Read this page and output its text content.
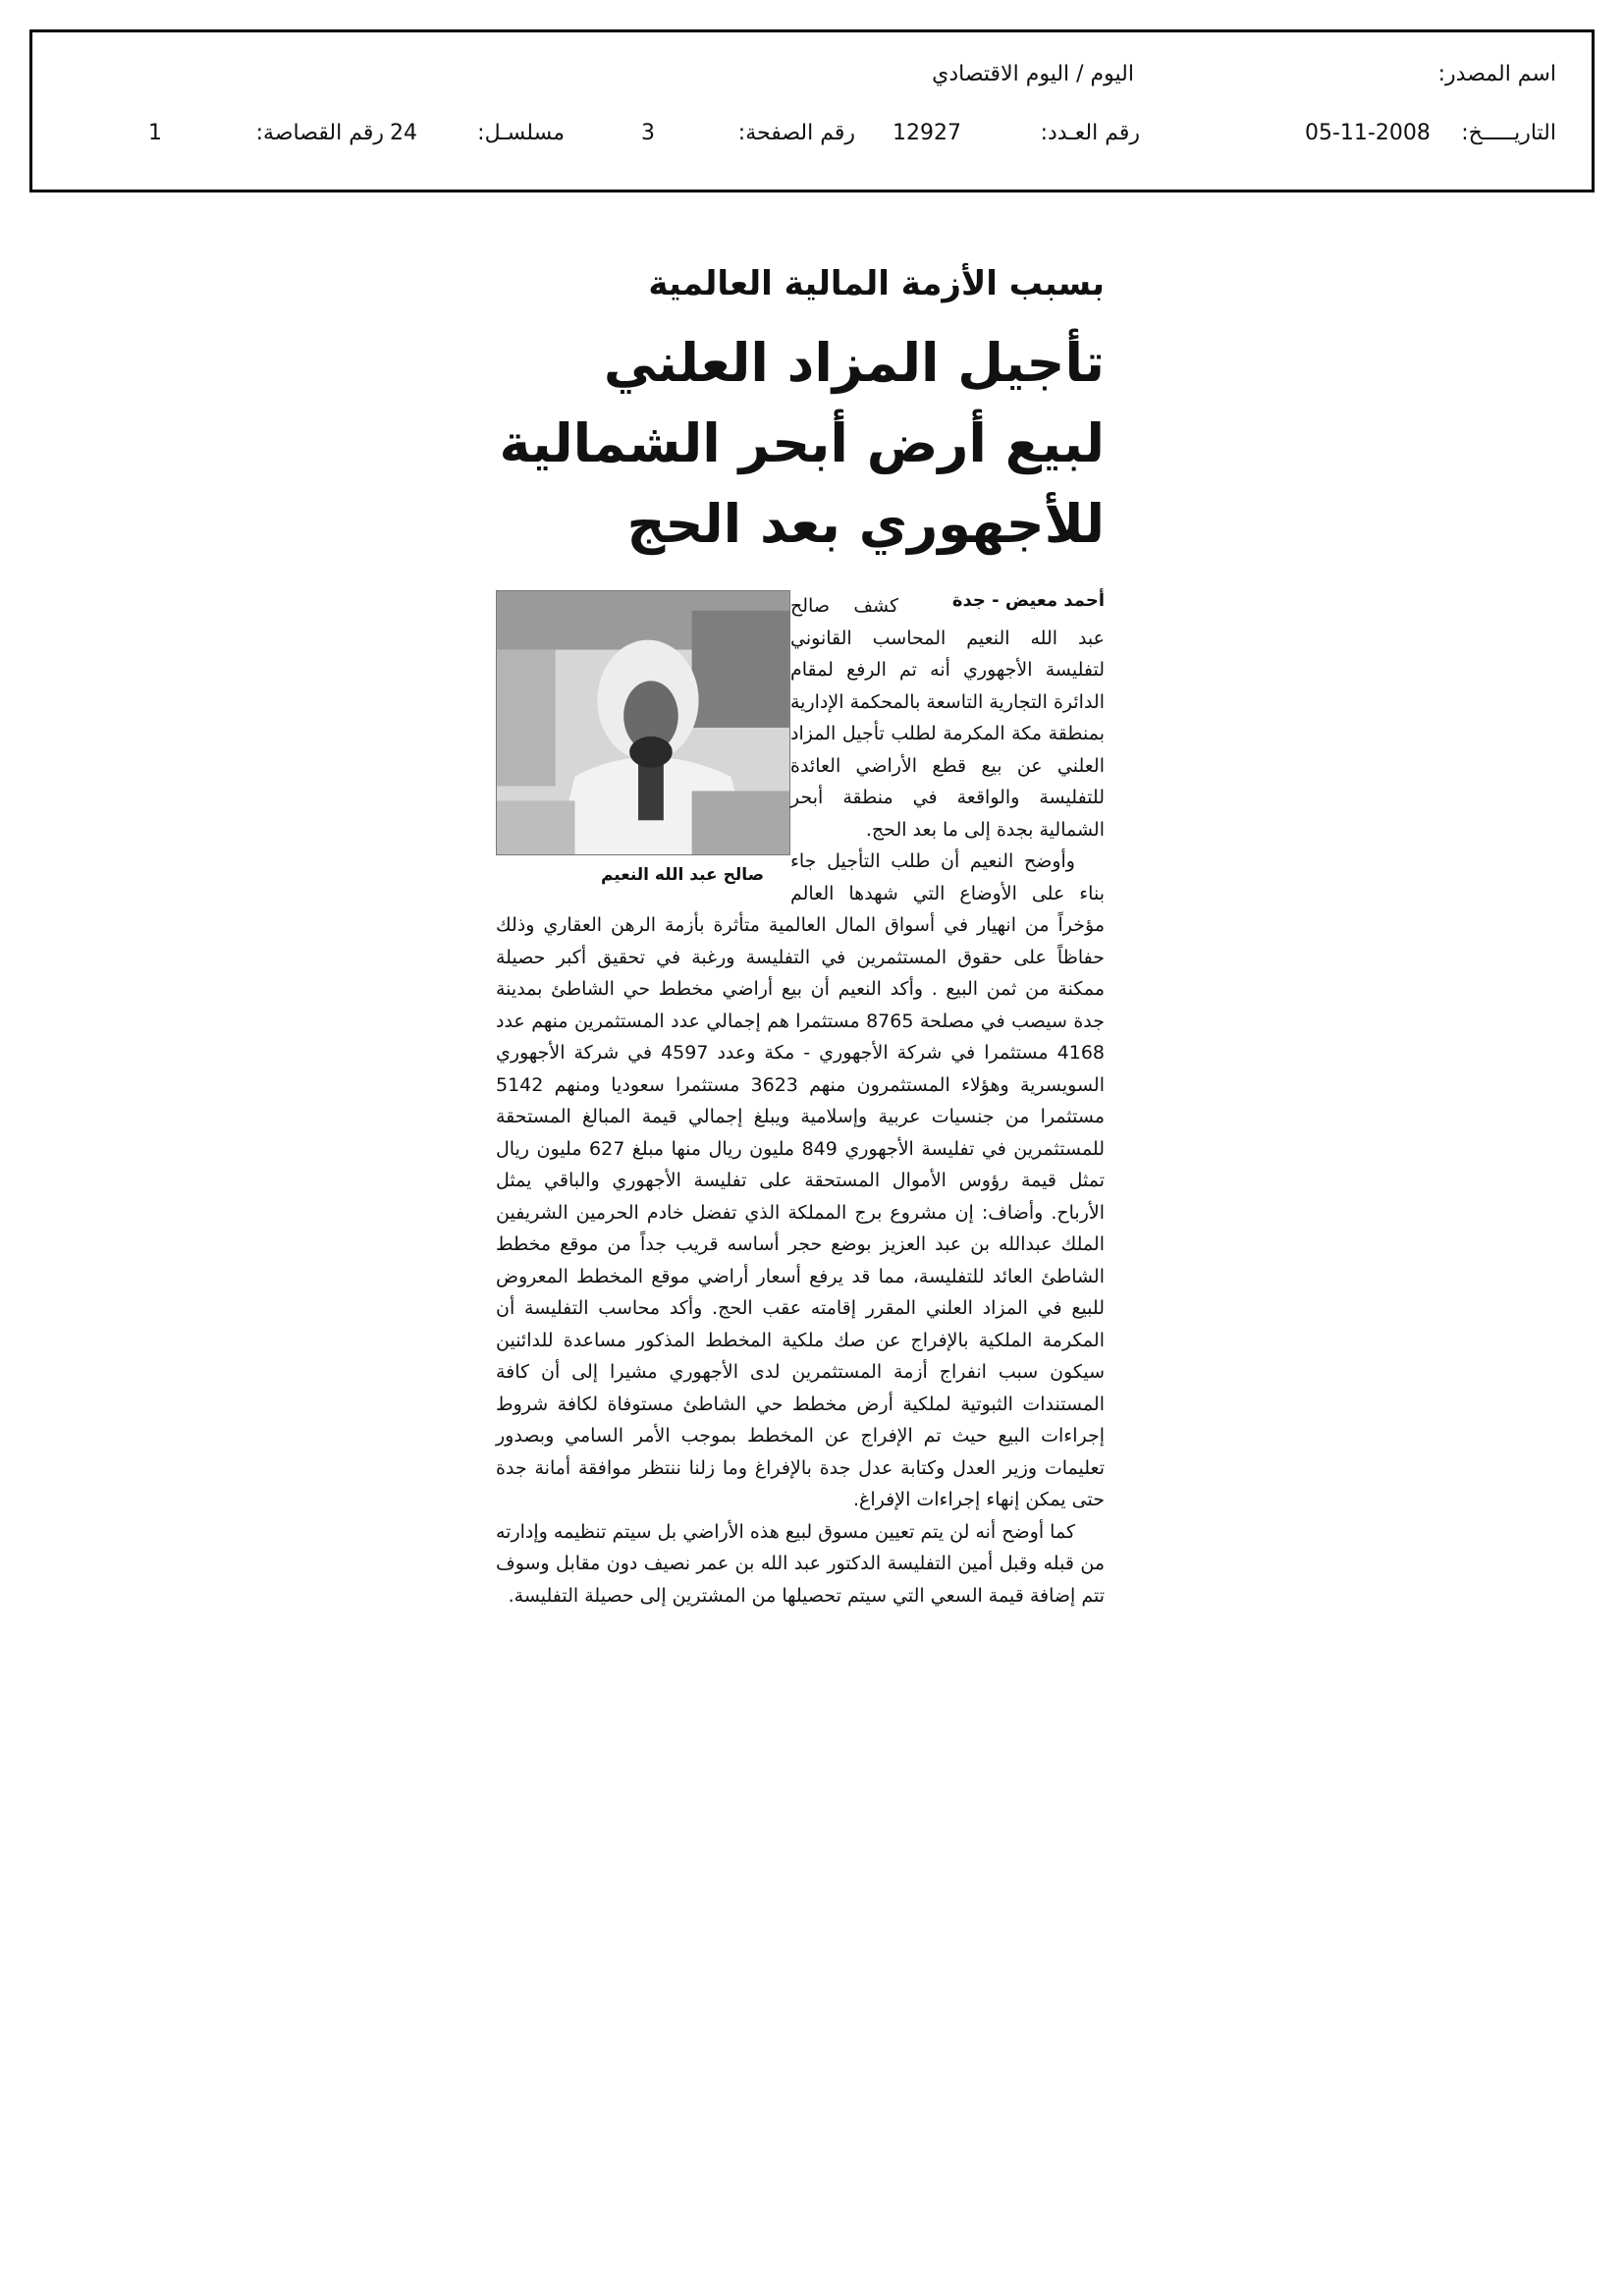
اسم المصدر:
اليوم / اليوم الاقتصادي
التاريـــــخ:
05-11-2008
رقم العـدد:
12927
رقم الصفحة:
3
مسلسـل:
24
رقم القصاصة:
1
بسبب الأزمة المالية العالمية
تأجيل المزاد العلني لبيع أرض أبحر الشمالية للأجهوري بعد الحج
صالح عبد الله النعيم
أحمد معيض - جدة

كشف صالح عبد الله النعيم المحاسب القانوني لتفليسة الأجهوري أنه تم الرفع لمقام الدائرة التجارية التاسعة بالمحكمة الإدارية بمنطقة مكة المكرمة لطلب تأجيل المزاد العلني عن بيع قطع الأراضي العائدة للتفليسة والواقعة في منطقة أبحر الشمالية بجدة إلى ما بعد الحج.

وأوضح النعيم أن طلب التأجيل جاء بناء على الأوضاع التي شهدها العالم مؤخراً من انهيار في أسواق المال العالمية متأثرة بأزمة الرهن العقاري وذلك حفاظاً على حقوق المستثمرين في التفليسة ورغبة في تحقيق أكبر حصيلة ممكنة من ثمن البيع . وأكد النعيم أن بيع أراضي مخطط حي الشاطئ بمدينة جدة سيصب في مصلحة 8765 مستثمرا هم إجمالي عدد المستثمرين منهم عدد 4168 مستثمرا في شركة الأجهوري - مكة وعدد 4597 في شركة الأجهوري السويسرية وهؤلاء المستثمرون منهم 3623 مستثمرا سعوديا ومنهم 5142 مستثمرا من جنسيات عربية وإسلامية ويبلغ إجمالي قيمة المبالغ المستحقة للمستثمرين في تفليسة الأجهوري 849 مليون ريال منها مبلغ 627 مليون ريال تمثل قيمة رؤوس الأموال المستحقة على تفليسة الأجهوري والباقي يمثل الأرباح. وأضاف: إن مشروع برج المملكة الذي تفضل خادم الحرمين الشريفين الملك عبدالله بن عبد العزيز بوضع حجر أساسه قريب جداً من موقع مخطط الشاطئ العائد للتفليسة، مما قد يرفع أسعار أراضي موقع المخطط المعروض للبيع في المزاد العلني المقرر إقامته عقب الحج. وأكد محاسب التفليسة أن المكرمة الملكية بالإفراج عن صك ملكية المخطط المذكور مساعدة للدائنين سيكون سبب انفراج أزمة المستثمرين لدى الأجهوري مشيرا إلى أن كافة المستندات الثبوتية لملكية أرض مخطط حي الشاطئ مستوفاة لكافة شروط إجراءات البيع حيث تم الإفراج عن المخطط بموجب الأمر السامي وبصدور تعليمات وزير العدل وكتابة عدل جدة بالإفراغ وما زلنا ننتظر موافقة أمانة جدة حتى يمكن إنهاء إجراءات الإفراغ.

كما أوضح أنه لن يتم تعيين مسوق لبيع هذه الأراضي بل سيتم تنظيمه وإدارته من قبله وقبل أمين التفليسة الدكتور عبد الله بن عمر نصيف دون مقابل وسوف تتم إضافة قيمة السعي التي سيتم تحصيلها من المشترين إلى حصيلة التفليسة.
